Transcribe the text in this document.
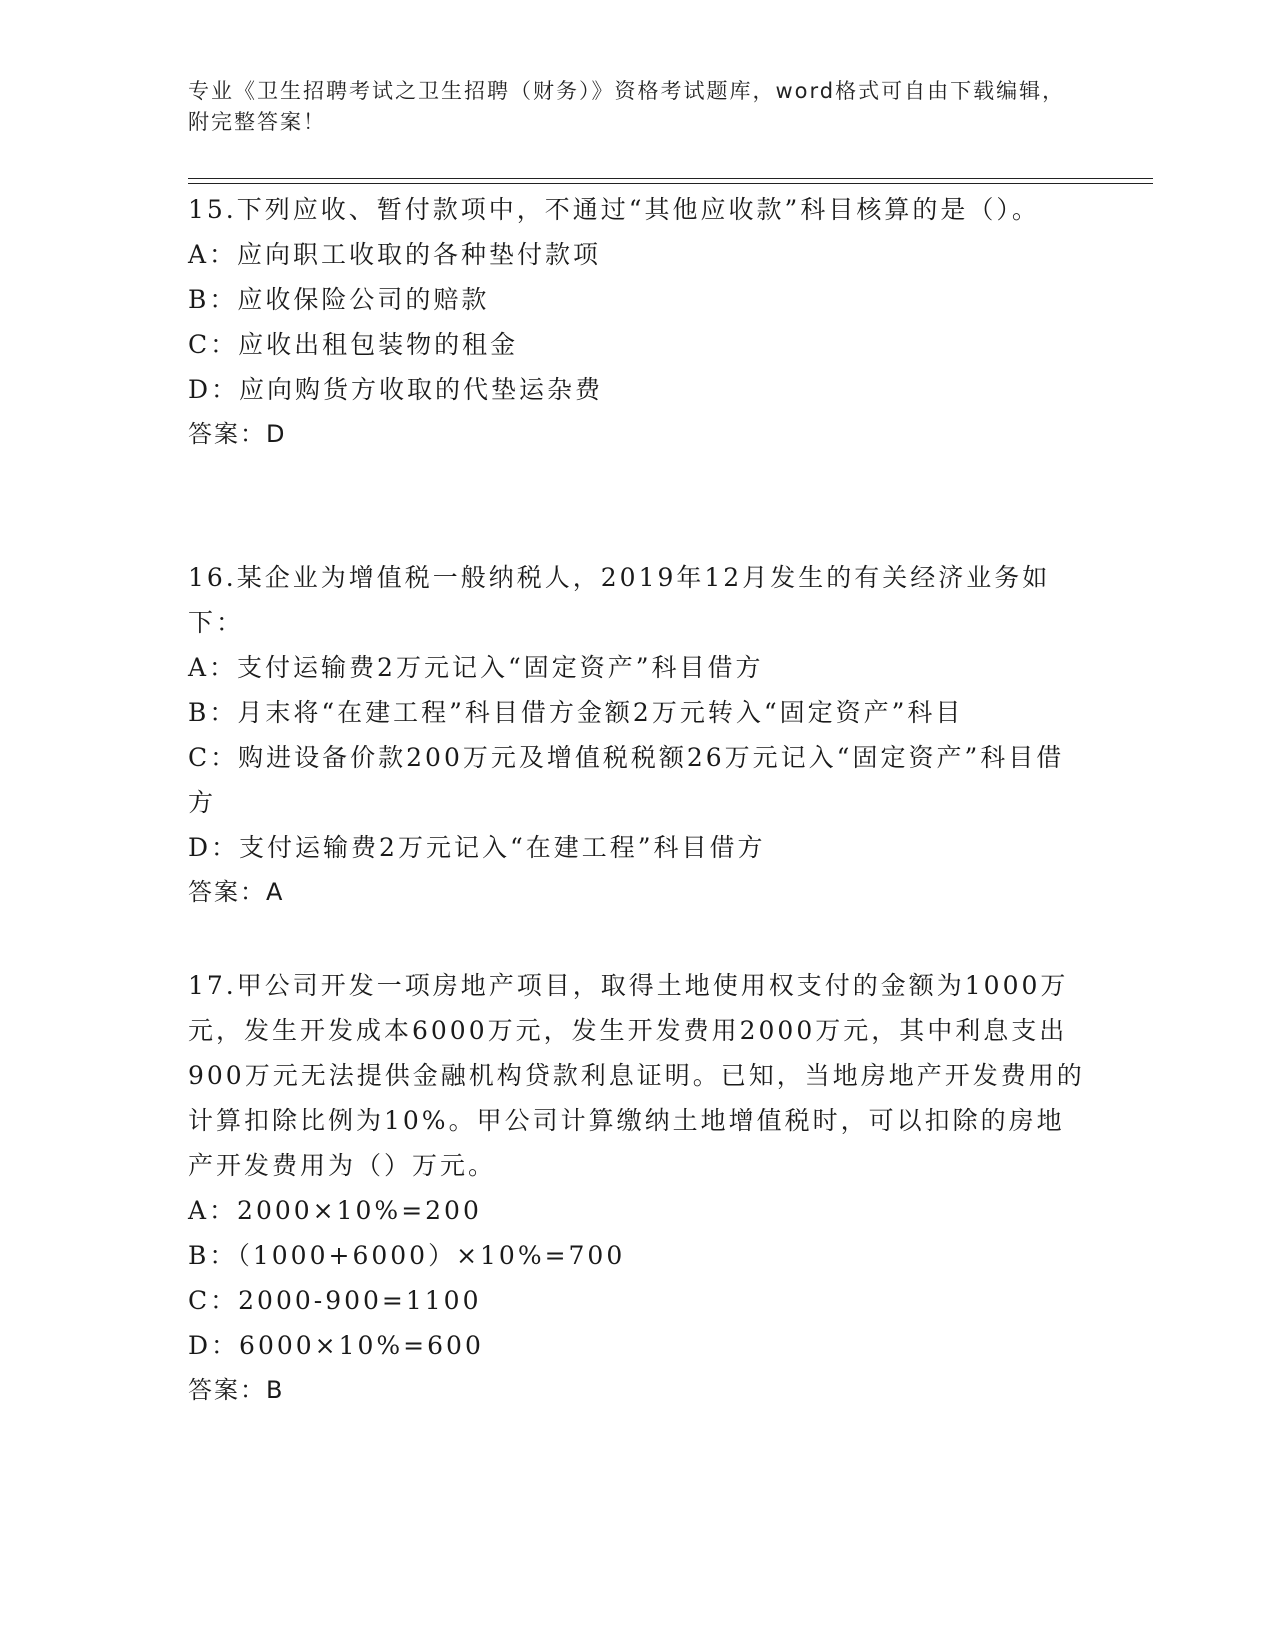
专业《卫生招聘考试之卫生招聘（财务）》资格考试题库，word格式可自由下载编辑，附完整答案！

15.下列应收、暂付款项中，不通过“其他应收款”科目核算的是（）。

A：应向职工收取的各种垫付款项

B：应收保险公司的赔款

C：应收出租包装物的租金

D：应向购货方收取的代垫运杂费

答案：D

16.某企业为增值税一般纳税人，2019年12月发生的有关经济业务如下：

A：支付运输费2万元记入“固定资产”科目借方

B：月末将“在建工程”科目借方金额2万元转入“固定资产”科目

C：购进设备价款200万元及增值税税额26万元记入“固定资产”科目借方

D：支付运输费2万元记入“在建工程”科目借方

答案：A

17.甲公司开发一项房地产项目，取得土地使用权支付的金额为1000万元，发生开发成本6000万元，发生开发费用2000万元，其中利息支出900万元无法提供金融机构贷款利息证明。已知，当地房地产开发费用的计算扣除比例为10%。甲公司计算缴纳土地增值税时，可以扣除的房地产开发费用为（）万元。

A：2000×10%=200

B：（1000+6000）×10%=700

C：2000-900=1100

D：6000×10%=600

答案：B
